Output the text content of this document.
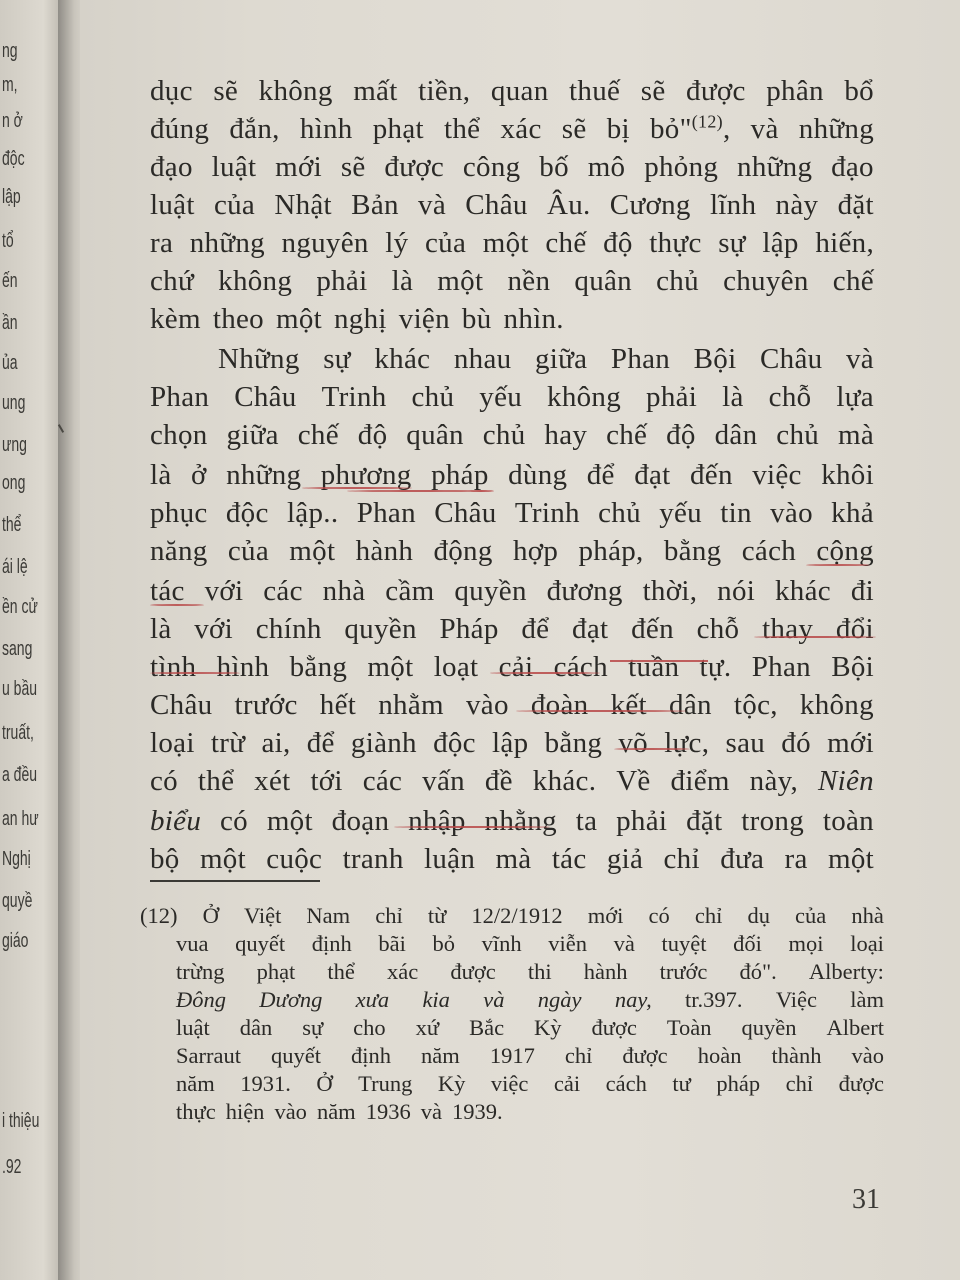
ng
m,
n ở
độc
lập
tổ
ến
ần
ủa
ung
ưng
ong
thể
ái lệ
ền cử
sang
u bầu
truất,
a đều
an hư
Nghị
quyề
giáo
i thiệu
.92
dục sẽ không mất tiền, quan thuế sẽ được phân bổ
đúng đắn, hình phạt thể xác sẽ bị bỏ"$^{(12)}$, và những
đạo luật mới sẽ được công bố mô phỏng những đạo
luật của Nhật Bản và Châu Âu. Cương lĩnh này đặt
ra những nguyên lý của một chế độ thực sự lập hiến,
chứ không phải là một nền quân chủ chuyên chế
kèm theo một nghị viện bù nhìn.
Những sự khác nhau giữa Phan Bội Châu và
Phan Châu Trinh chủ yếu không phải là chỗ lựa
chọn giữa chế độ quân chủ hay chế độ dân chủ mà
là ở những phương pháp dùng để đạt đến việc khôi
phục độc lập.. Phan Châu Trinh chủ yếu tin vào khả
năng của một hành động hợp pháp, bằng cách cộng
tác với các nhà cầm quyền đương thời, nói khác đi
là với chính quyền Pháp để đạt đến chỗ thay đổi
tình hình bằng một loạt cải cách tuần tự. Phan Bội
Châu trước hết nhằm vào đoàn kết dân tộc, không
loại trừ ai, để giành độc lập bằng võ lực, sau đó mới
có thể xét tới các vấn đề khác. Về điểm này, Niên
biểu có một đoạn nhập nhằng ta phải đặt trong toàn
bộ một cuộc tranh luận mà tác giả chỉ đưa ra một
(12) Ở Việt Nam chỉ từ 12/2/1912 mới có chỉ dụ của nhà
vua quyết định bãi bỏ vĩnh viễn và tuyệt đối mọi loại
trừng phạt thể xác được thi hành trước đó". Alberty:
Đông Dương xưa kia và ngày nay, tr.397. Việc làm
luật dân sự cho xứ Bắc Kỳ được Toàn quyền Albert
Sarraut quyết định năm 1917 chỉ được hoàn thành vào
năm 1931. Ở Trung Kỳ việc cải cách tư pháp chỉ được
thực hiện vào năm 1936 và 1939.
31
